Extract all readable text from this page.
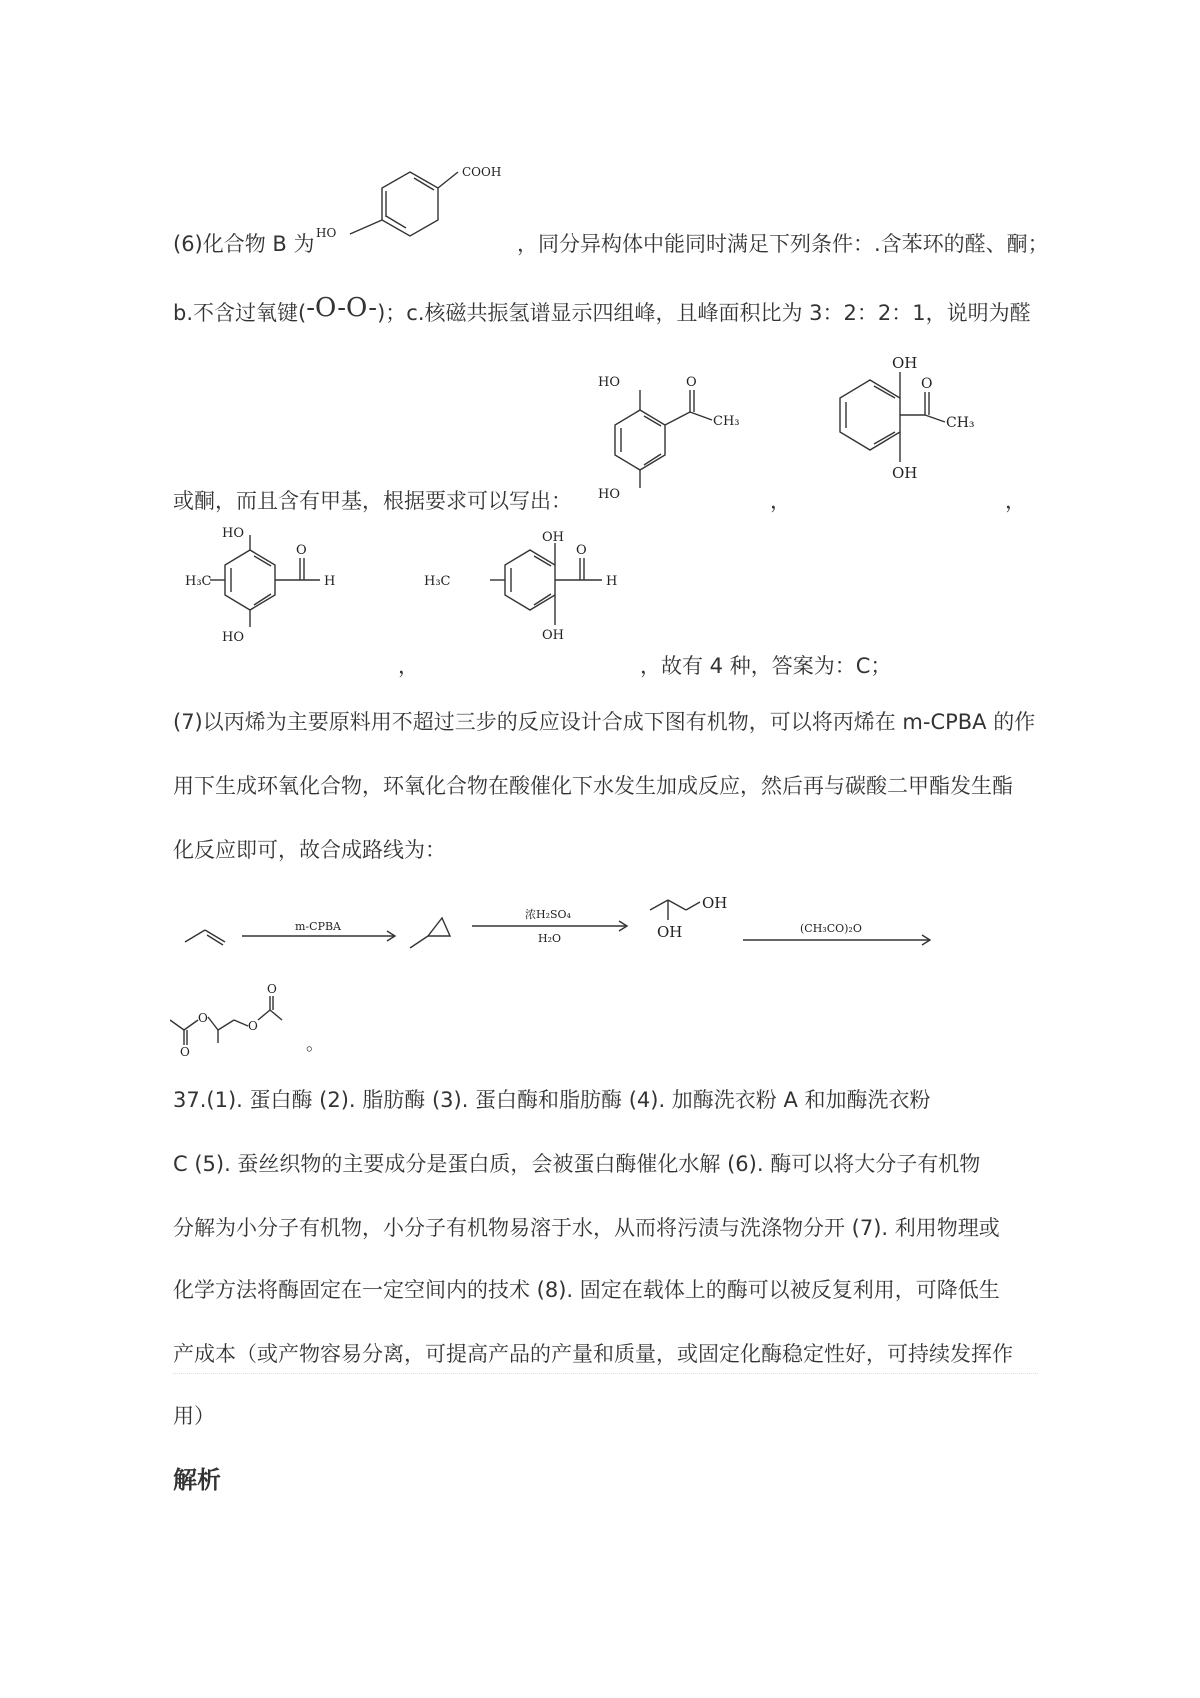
(6)化合物 B 为 HO
COOH
，同分异构体中能同时满足下列条件：.含苯环的醛、酮；
b.不含过氧键(-O-O-)；c.核磁共振氢谱显示四组峰，且峰面积比为 3：2：2：1，说明为醛
或酮，而且含有甲基，根据要求可以写出：
HO
HO
O
CH₃
，
OH
OH
O
CH₃
，
HO
HO
H₃C
O
H
，
OH
OH
H₃C
O
H
，故有 4 种，答案为：C；
(7)以丙烯为主要原料用不超过三步的反应设计合成下图有机物，可以将丙烯在 m-CPBA 的作
用下生成环氧化合物，环氧化合物在酸催化下水发生加成反应，然后再与碳酸二甲酯发生酯
化反应即可，故合成路线为：
m-CPBA
浓H₂SO₄
H₂O
OH
OH	(CH₃CO)₂O
O
O
O
O
。
37.(1). 蛋白酶 (2). 脂肪酶 (3). 蛋白酶和脂肪酶 (4). 加酶洗衣粉 A 和加酶洗衣粉
C (5). 蚕丝织物的主要成分是蛋白质，会被蛋白酶催化水解 (6). 酶可以将大分子有机物
分解为小分子有机物，小分子有机物易溶于水，从而将污渍与洗涤物分开 (7). 利用物理或
化学方法将酶固定在一定空间内的技术 (8). 固定在载体上的酶可以被反复利用，可降低生
产成本（或产物容易分离，可提高产品的产量和质量，或固定化酶稳定性好，可持续发挥作
用）
解析
